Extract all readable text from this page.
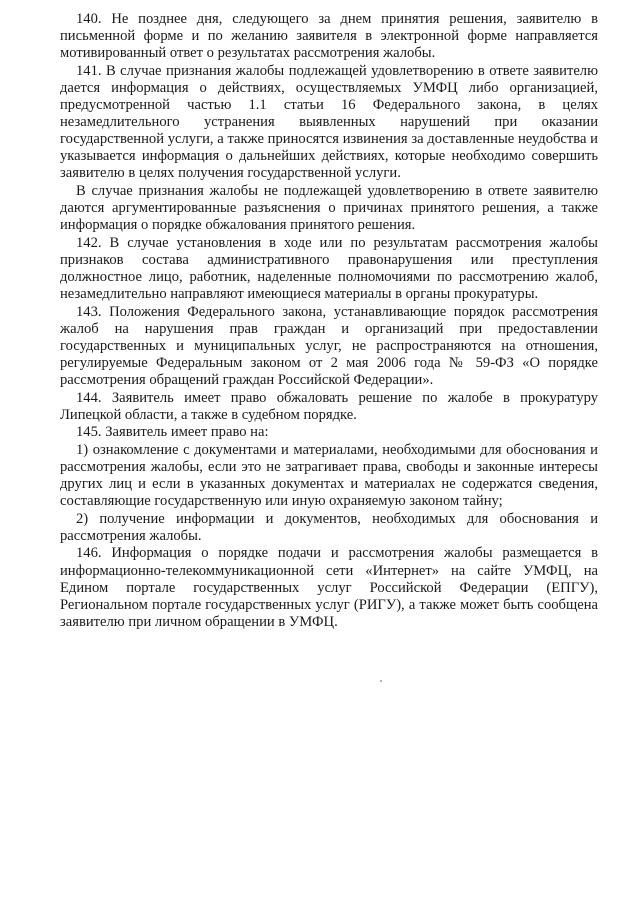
140. Не позднее дня, следующего за днем принятия решения, заявителю в письменной форме и по желанию заявителя в электронной форме направляется мотивированный ответ о результатах рассмотрения жалобы.

141. В случае признания жалобы подлежащей удовлетворению в ответе заявителю дается информация о действиях, осуществляемых УМФЦ либо организацией, предусмотренной частью 1.1 статьи 16 Федерального закона, в целях незамедлительного устранения выявленных нарушений при оказании государственной услуги, а также приносятся извинения за доставленные неудобства и указывается информация о дальнейших действиях, которые необходимо совершить заявителю в целях получения государственной услуги.

В случае признания жалобы не подлежащей удовлетворению в ответе заявителю даются аргументированные разъяснения о причинах принятого решения, а также информация о порядке обжалования принятого решения.

142. В случае установления в ходе или по результатам рассмотрения жалобы признаков состава административного правонарушения или преступления должностное лицо, работник, наделенные полномочиями по рассмотрению жалоб, незамедлительно направляют имеющиеся материалы в органы прокуратуры.

143. Положения Федерального закона, устанавливающие порядок рассмотрения жалоб на нарушения прав граждан и организаций при предоставлении государственных и муниципальных услуг, не распространяются на отношения, регулируемые Федеральным законом от 2 мая 2006 года № 59-ФЗ «О порядке рассмотрения обращений граждан Российской Федерации».

144. Заявитель имеет право обжаловать решение по жалобе в прокуратуру Липецкой области, а также в судебном порядке.

145. Заявитель имеет право на:

1) ознакомление с документами и материалами, необходимыми для обоснования и рассмотрения жалобы, если это не затрагивает права, свободы и законные интересы других лиц и если в указанных документах и материалах не содержатся сведения, составляющие государственную или иную охраняемую законом тайну;

2) получение информации и документов, необходимых для обоснования и рассмотрения жалобы.

146. Информация о порядке подачи и рассмотрения жалобы размещается в информационно-телекоммуникационной сети «Интернет» на сайте УМФЦ, на Едином портале государственных услуг Российской Федерации (ЕПГУ), Региональном портале государственных услуг (РИГУ), а также может быть сообщена заявителю при личном обращении в УМФЦ.
